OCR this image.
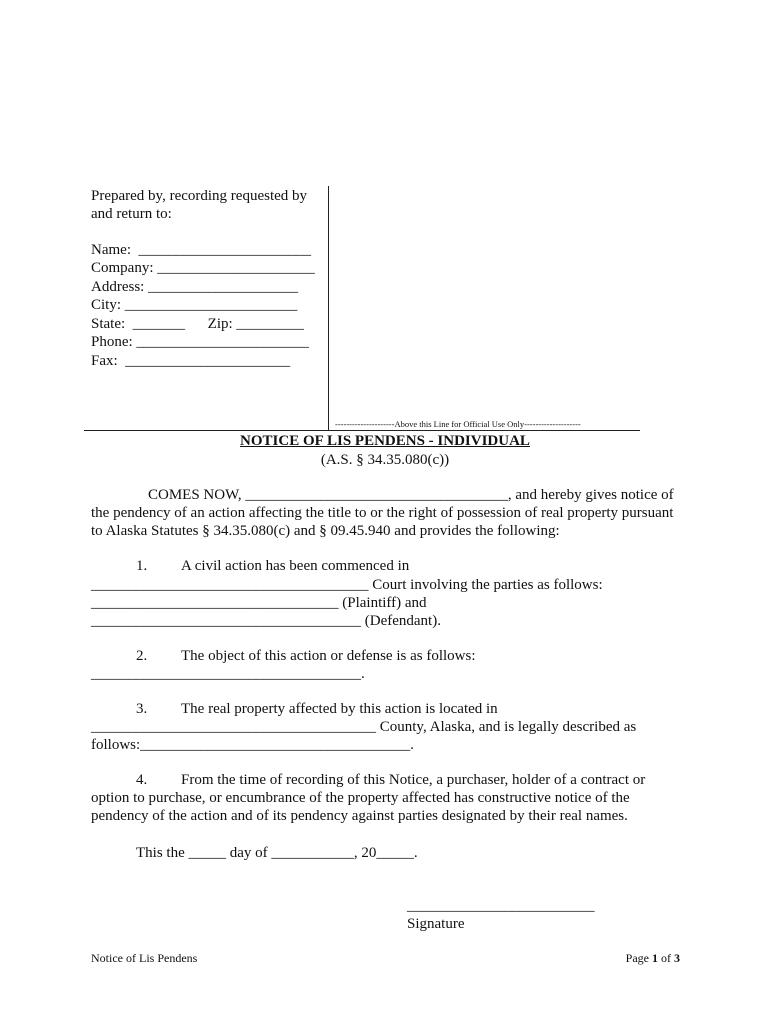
Prepared by, recording requested by
and return to:
Name:  _______________________
Company: _____________________
Address: ____________________
City: _______________________
State:  _______      Zip: _________
Phone: _______________________
Fax:  ______________________
---------------------Above this Line for Official Use Only--------------------
NOTICE OF LIS PENDENS - INDIVIDUAL
(A.S. § 34.35.080(c))
COMES NOW, ___________________________________, and hereby gives notice of
the pendency of an action affecting the title to or the right of possession of real property pursuant
to Alaska Statutes § 34.35.080(c) and § 09.45.940 and provides the following:
1. A civil action has been commenced in
_____________________________________ Court involving the parties as follows:
_________________________________ (Plaintiff) and
____________________________________ (Defendant).
2. The object of this action or defense is as follows:
____________________________________.
3. The real property affected by this action is located in
______________________________________ County, Alaska, and is legally described as
follows:____________________________________.
4. From the time of recording of this Notice, a purchaser, holder of a contract or
option to purchase, or encumbrance of the property affected has constructive notice of the
pendency of the action and of its pendency against parties designated by their real names.
This the _____ day of ___________, 20_____.
_________________________
Signature
Notice of Lis Pendens	Page 1 of 3
